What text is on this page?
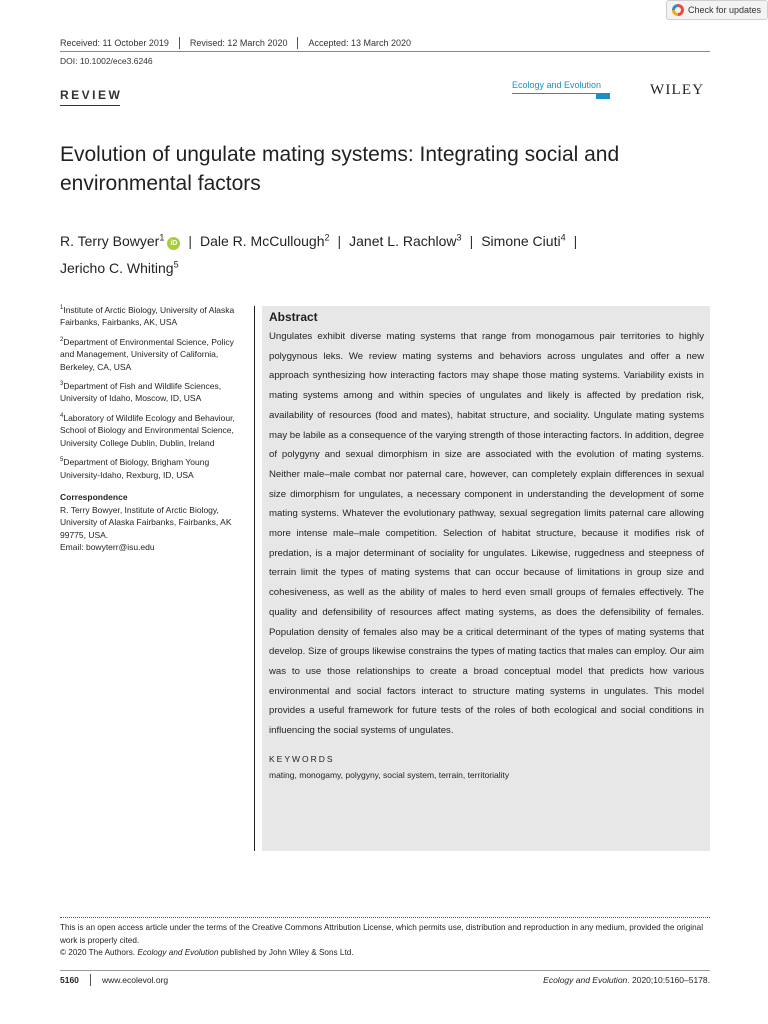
Check for updates
Received: 11 October 2019	Revised: 12 March 2020	Accepted: 13 March 2020
DOI: 10.1002/ece3.6246
REVIEW
Ecology and Evolution	WILEY
Evolution of ungulate mating systems: Integrating social and environmental factors
R. Terry Bowyer$^1$iD | Dale R. McCullough$^2$ | Janet L. Rachlow$^3$ | Simone Ciuti$^4$ |
Jericho C. Whiting$^5$
$^1$Institute of Arctic Biology, University of Alaska Fairbanks, Fairbanks, AK, USA
$^2$Department of Environmental Science, Policy and Management, University of California, Berkeley, CA, USA
$^3$Department of Fish and Wildlife Sciences, University of Idaho, Moscow, ID, USA
$^4$Laboratory of Wildlife Ecology and Behaviour, School of Biology and Environmental Science, University College Dublin, Dublin, Ireland
$^5$Department of Biology, Brigham Young University-Idaho, Rexburg, ID, USA
Correspondence
R. Terry Bowyer, Institute of Arctic Biology, University of Alaska Fairbanks, Fairbanks, AK 99775, USA.
Email: bowyterr@isu.edu
Abstract

Ungulates exhibit diverse mating systems that range from monogamous pair territories to highly polygynous leks. We review mating systems and behaviors across ungulates and offer a new approach synthesizing how interacting factors may shape those mating systems. Variability exists in mating systems among and within species of ungulates and likely is affected by predation risk, availability of resources (food and mates), habitat structure, and sociality. Ungulate mating systems may be labile as a consequence of the varying strength of those interacting factors. In addition, degree of polygyny and sexual dimorphism in size are associated with the evolution of mating systems. Neither male–male combat nor paternal care, however, can completely explain differences in sexual size dimorphism for ungulates, a necessary component in understanding the development of some mating systems. Whatever the evolutionary pathway, sexual segregation limits paternal care allowing more intense male–male competition. Selection of habitat structure, because it modifies risk of predation, is a major determinant of sociality for ungulates. Likewise, ruggedness and steepness of terrain limit the types of mating systems that can occur because of limitations in group size and cohesiveness, as well as the ability of males to herd even small groups of females effectively. The quality and defensibility of resources affect mating systems, as does the defensibility of females. Population density of females also may be a critical determinant of the types of mating systems that develop. Size of groups likewise constrains the types of mating tactics that males can employ. Our aim was to use those relationships to create a broad conceptual model that predicts how various environmental and social factors interact to structure mating systems in ungulates. This model provides a useful framework for future tests of the roles of both ecological and social conditions in influencing the social systems of ungulates.

KEYWORDS
mating, monogamy, polygyny, social system, terrain, territoriality
This is an open access article under the terms of the Creative Commons Attribution License, which permits use, distribution and reproduction in any medium, provided the original work is properly cited.
© 2020 The Authors. Ecology and Evolution published by John Wiley & Sons Ltd.
5160	www.ecolevol.org	Ecology and Evolution. 2020;10:5160–5178.
